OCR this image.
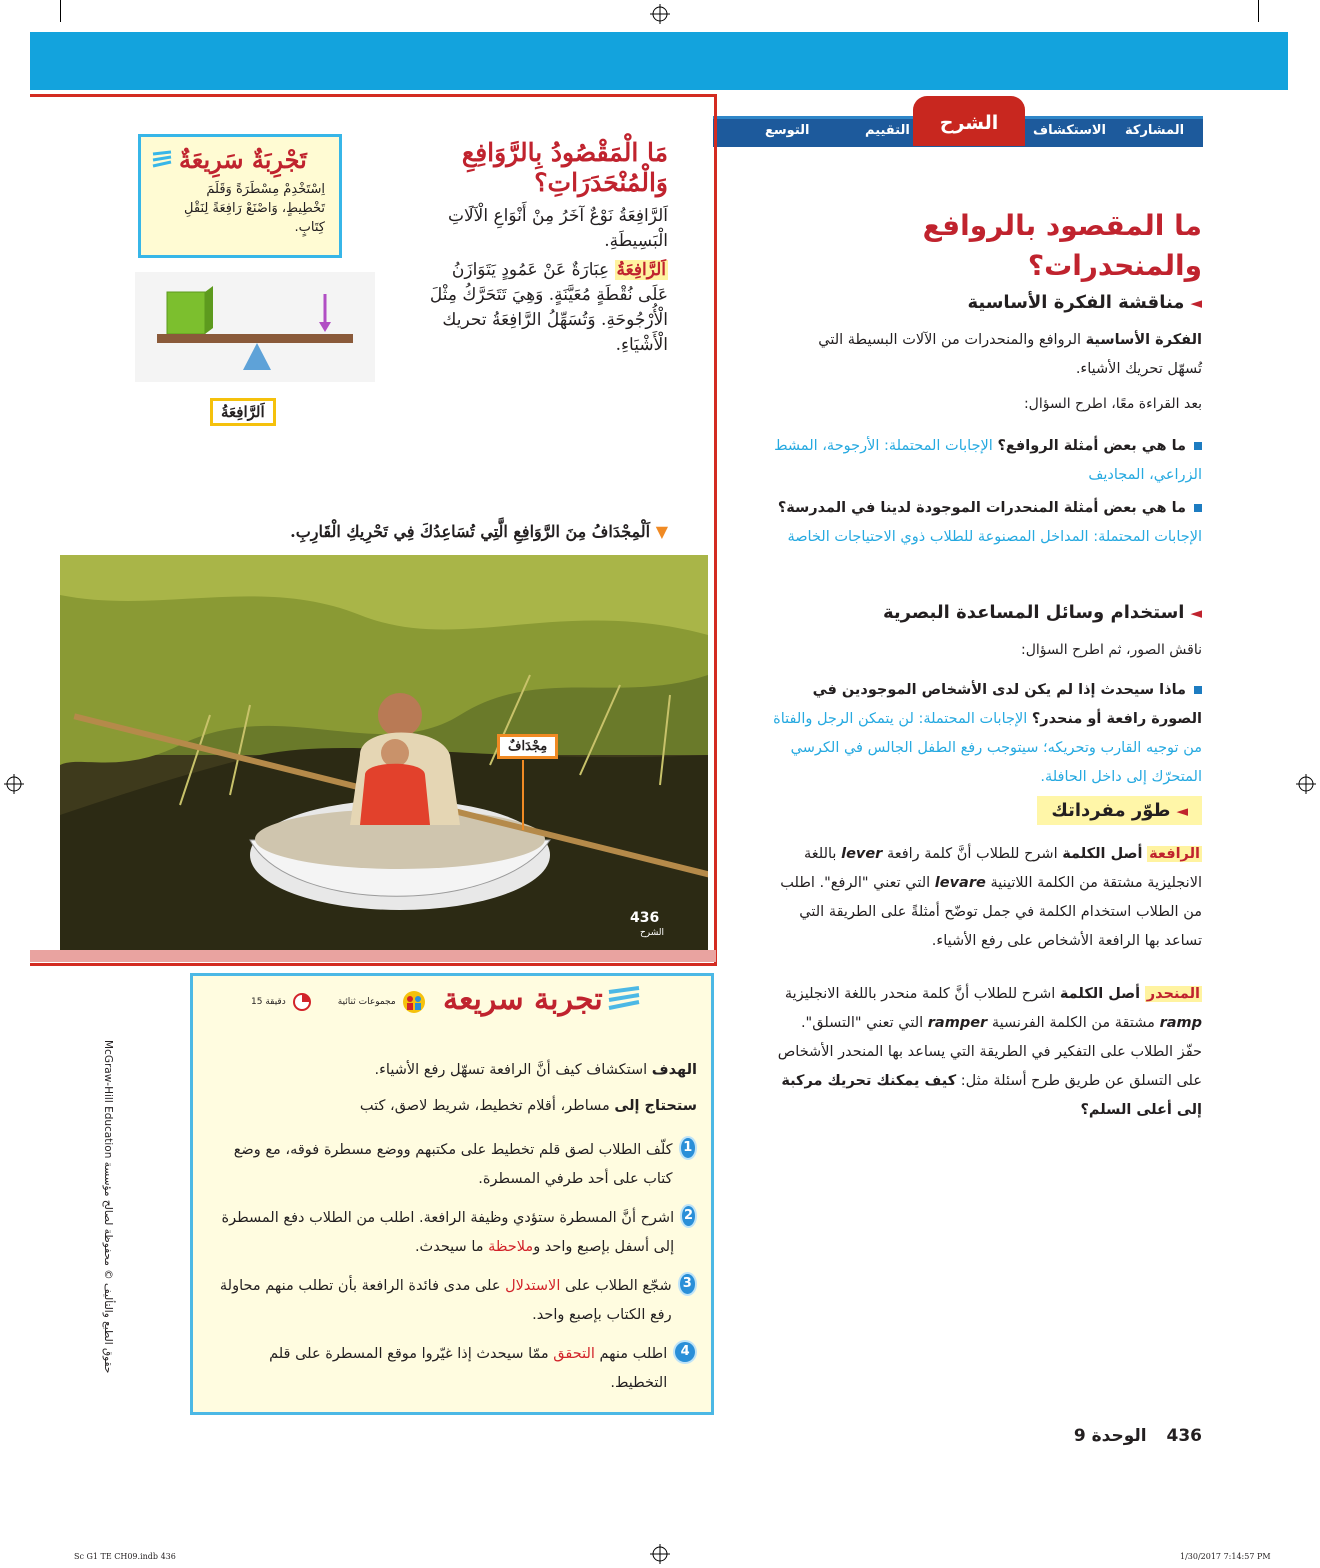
المشاركة
الاستكشاف
التقييم
التوسع	الشرح
مَا الْمَقْصُودُ بِالرَّوَافِعِ
وَالْمُنْحَدَرَاتِ؟
اَلرَّافِعَةُ نَوْعٌ آخَرُ مِنْ أَنْوَاعِ الْآلَاتِ الْبَسِيطَةِ.
اَلرَّافِعَةُ عِبَارَةٌ عَنْ عَمُودٍ يَتَوَازَنُ عَلَى نُقْطَةٍ مُعَيَّنَةٍ. وَهِيَ تَتَحَرَّكُ مِثْلَ الْأُرْجُوحَةِ. وَتُسَهِّلُ الرَّافِعَةُ تحريك الْأَشْيَاءِ.
تَجْرِبَةٌ سَرِيعَةٌ
اِسْتَخْدِمْ مِسْطَرَةً وَقَلَمَ تَخْطِيطٍ، وَاصْنَعْ رَافِعَةً لِنَقْلِ كِتَابٍ.
اَلرَّافِعَةُ
▼ اَلْمِجْدَافُ مِنَ الرَّوَافِعِ الَّتِي تُسَاعِدُكَ فِي تَحْرِيكِ الْقَارِبِ.
مِجْدَافٌ
436
الشرح
ما المقصود بالروافع
والمنحدرات؟
◄مناقشة الفكرة الأساسية
الفكرة الأساسية الروافع والمنحدرات من الآلات البسيطة التي تُسهّل تحريك الأشياء.
بعد القراءة معًا، اطرح السؤال:
ما هي بعض أمثلة الروافع؟ الإجابات المحتملة: الأرجوحة، المشط الزراعي، المجاديف
ما هي بعض أمثلة المنحدرات الموجودة لدينا في المدرسة؟ الإجابات المحتملة: المداخل المصنوعة للطلاب ذوي الاحتياجات الخاصة
◄استخدام وسائل المساعدة البصرية
ناقش الصور، ثم اطرح السؤال:
ماذا سيحدث إذا لم يكن لدى الأشخاص الموجودين في الصورة رافعة أو منحدر؟ الإجابات المحتملة: لن يتمكن الرجل والفتاة من توجيه القارب وتحريكه؛ سيتوجب رفع الطفل الجالس في الكرسي المتحرّك إلى داخل الحافلة.
◄طوّر مفرداتك
الرافعة أصل الكلمة اشرح للطلاب أنَّ كلمة رافعة lever باللغة الانجليزية مشتقة من الكلمة اللاتينية levare التي تعني "الرفع". اطلب من الطلاب استخدام الكلمة في جمل توضّح أمثلةً على الطريقة التي تساعد بها الرافعة الأشخاص على رفع الأشياء.
المنحدر أصل الكلمة اشرح للطلاب أنَّ كلمة منحدر باللغة الانجليزية ramp مشتقة من الكلمة الفرنسية ramper التي تعني "التسلق". حفّز الطلاب على التفكير في الطريقة التي يساعد بها المنحدر الأشخاص على التسلق عن طريق طرح أسئلة مثل: كيف يمكنك تحريك مركبة إلى أعلى السلم؟
15 دقيقة	مجموعات ثنائية تجربة سريعة
الهدف استكشاف كيف أنَّ الرافعة تسهّل رفع الأشياء.
ستحتاج إلى مساطر، أقلام تخطيط، شريط لاصق، كتب
1
كلّف الطلاب لصق قلم تخطيط على مكتبهم ووضع مسطرة فوقه، مع وضع كتاب على أحد طرفي المسطرة.
2
اشرح أنَّ المسطرة ستؤدي وظيفة الرافعة. اطلب من الطلاب دفع المسطرة إلى أسفل بإصبع واحد وملاحظة ما سيحدث.
3
شجّع الطلاب على الاستدلال على مدى فائدة الرافعة بأن تطلب منهم محاولة رفع الكتاب بإصبع واحد.
4
اطلب منهم التحقق ممّا سيحدث إذا غيّروا موقع المسطرة على قلم التخطيط.
McGraw-Hill Education حقوق الطبع والتأليف © محفوظة لصالح مؤسسة
436 الوحدة 9
Sc G1 TE CH09.indb 436	1/30/2017 7:14:57 PM
